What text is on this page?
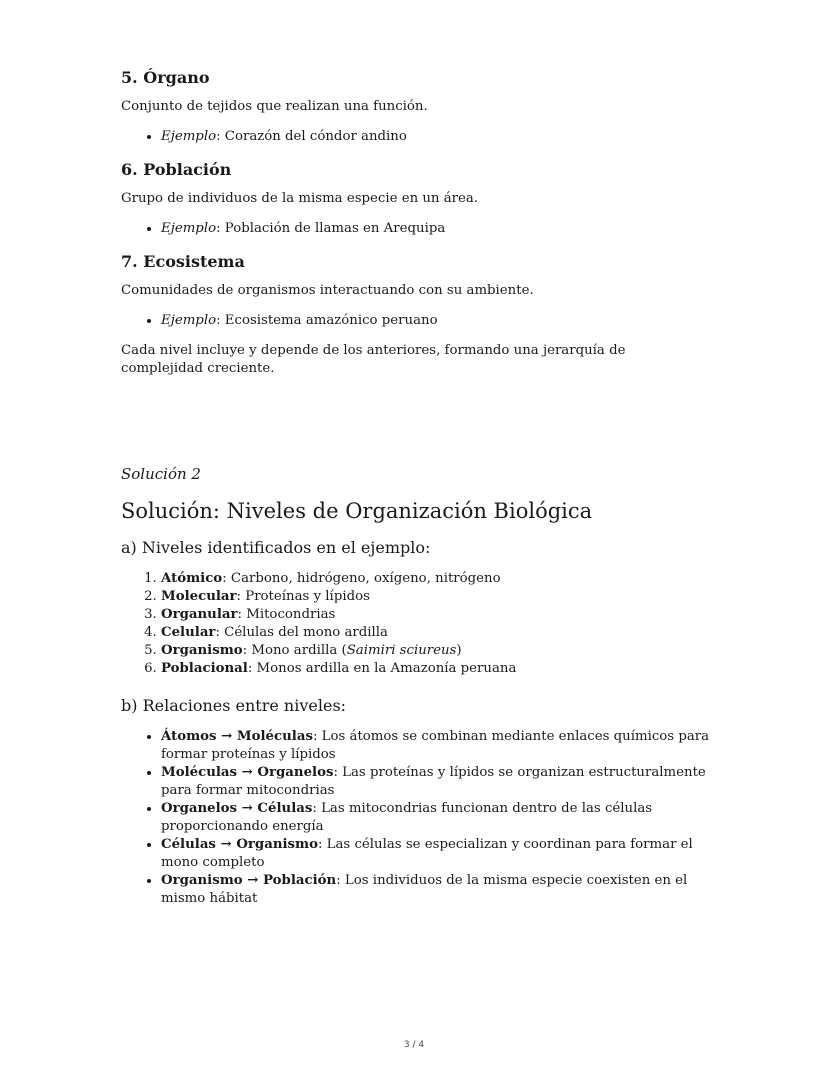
5. Órgano

Conjunto de tejidos que realizan una función.

• Ejemplo: Corazón del cóndor andino
6. Población

Grupo de individuos de la misma especie en un área.

• Ejemplo: Población de llamas en Arequipa
7. Ecosistema

Comunidades de organismos interactuando con su ambiente.

• Ejemplo: Ecosistema amazónico peruano

Cada nivel incluye y depende de los anteriores, formando una jerarquía de complejidad creciente.

Solución 2

Solución: Niveles de Organización Biológica
a) Niveles identificados en el ejemplo:
1. Atómico: Carbono, hidrógeno, oxígeno, nitrógeno
2. Molecular: Proteínas y lípidos
3. Organular: Mitocondrias
4. Celular: Células del mono ardilla
5. Organismo: Mono ardilla (Saimiri sciureus)
6. Poblacional: Monos ardilla en la Amazonía peruana
b) Relaciones entre niveles:
• Átomos → Moléculas: Los átomos se combinan mediante enlaces químicos para formar proteínas y lípidos
• Moléculas → Organelos: Las proteínas y lípidos se organizan estructuralmente para formar mitocondrias
• Organelos → Células: Las mitocondrias funcionan dentro de las células proporcionando energía
• Células → Organismo: Las células se especializan y coordinan para formar el mono completo
• Organismo → Población: Los individuos de la misma especie coexisten en el mismo hábitat
3 / 4
